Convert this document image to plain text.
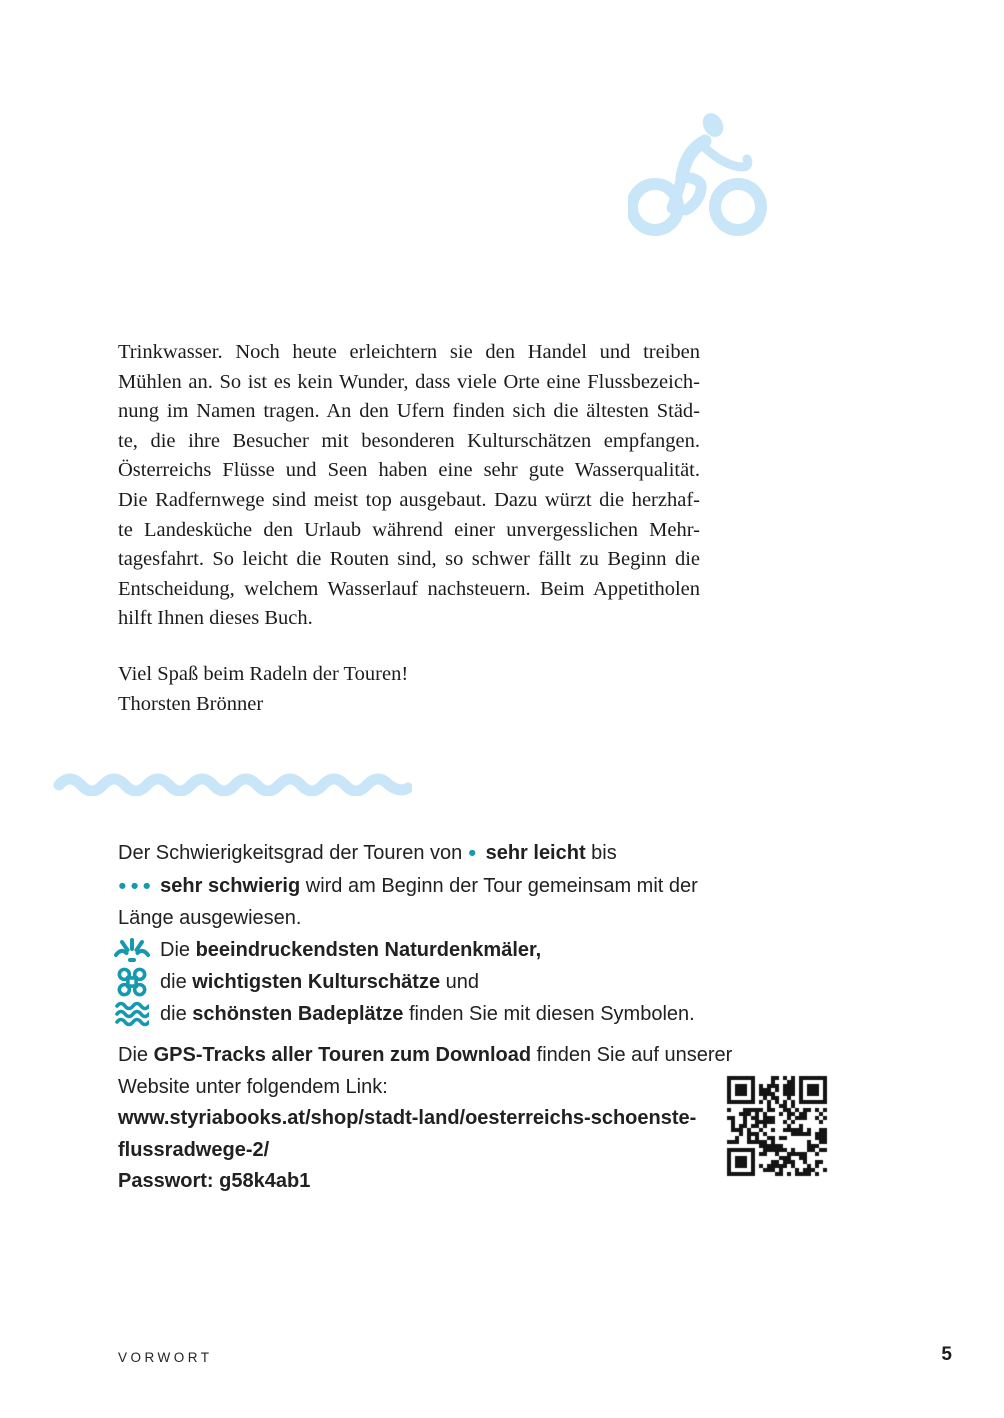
Trinkwasser. Noch heute erleichtern sie den Handel und treiben
Mühlen an. So ist es kein Wunder, dass viele Orte eine Flussbezeich-
nung im Namen tragen. An den Ufern finden sich die ältesten Städ-
te, die ihre Besucher mit besonderen Kulturschätzen empfangen.
Österreichs Flüsse und Seen haben eine sehr gute Wasserqualität.
Die Radfernwege sind meist top ausgebaut. Dazu würzt die herzhaf-
te Landesküche den Urlaub während einer unvergesslichen Mehr-
tagesfahrt. So leicht die Routen sind, so schwer fällt zu Beginn die
Entscheidung, welchem Wasserlauf nachsteuern. Beim Appetitholen
hilft Ihnen dieses Buch.
Viel Spaß beim Radeln der Touren!
Thorsten Brönner
Der Schwierigkeitsgrad der Touren von ● sehr leicht bis
●●● sehr schwierig wird am Beginn der Tour gemeinsam mit der
Länge ausgewiesen.
Die beeindruckendsten Naturdenkmäler,
die wichtigsten Kulturschätze und
die schönsten Badeplätze finden Sie mit diesen Symbolen.
Die GPS-Tracks aller Touren zum Download finden Sie auf unserer
Website unter folgendem Link:
www.styriabooks.at/shop/stadt-land/oesterreichs-schoenste-
flussradwege-2/
Passwort: g58k4ab1
VORWORT	5
